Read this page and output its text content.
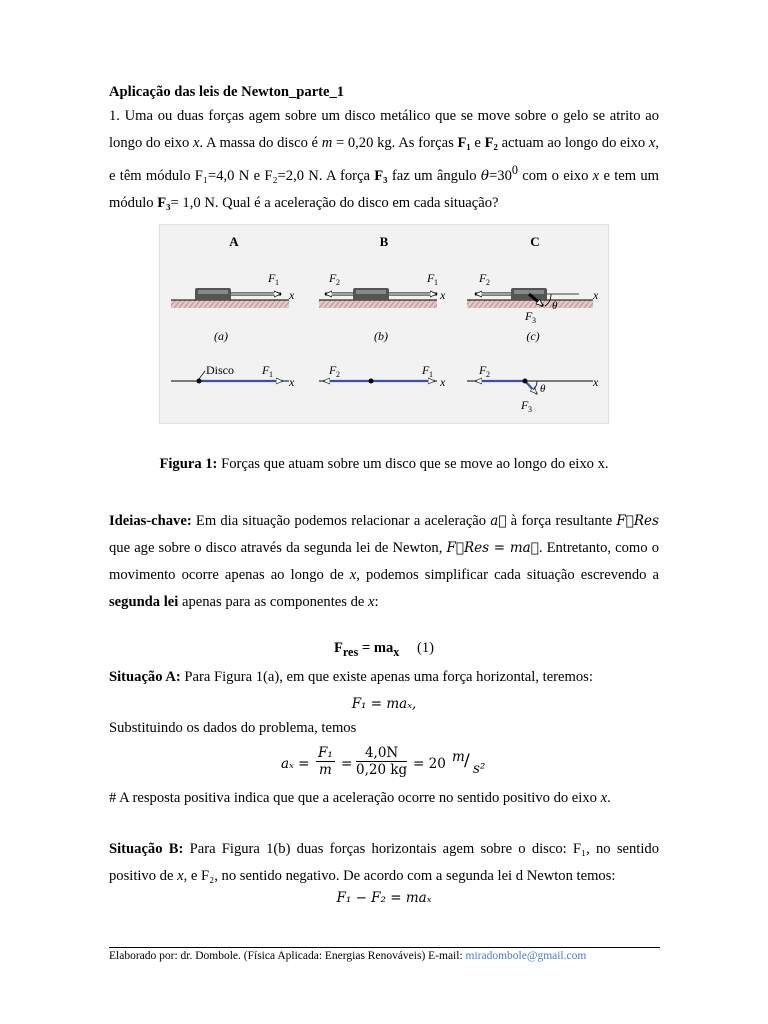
Aplicação das leis de Newton_parte_1
1. Uma ou duas forças agem sobre um disco metálico que se move sobre o gelo se atrito ao longo do eixo x. A massa do disco é m = 0,20 kg. As forças F₁ e F₂ actuam ao longo do eixo x, e têm módulo F₁=4,0 N e F₂=2,0 N. A força F₃ faz um ângulo $\theta=30^0$ com o eixo x e tem um módulo F₃= 1,0 N. Qual é a aceleração do disco em cada situação?
A	B	C
F 1
x
(a)
F 2	F 1
x
(b)
F 2
F 3
θ
x
(c)
Disco F 1
x
F 2	F 1
x
F 2
F 3
θ	x
Figura 1: Forças que atuam sobre um disco que se move ao longo do eixo x.
Ideias-chave: Em dia situação podemos relacionar a aceleração a⃗ à força resultante F⃗Res que age sobre o disco através da segunda lei de Newton, F⃗Res = ma⃗. Entretanto, como o movimento ocorre apenas ao longo de x, podemos simplificar cada situação escrevendo a segunda lei apenas para as componentes de x:
$F_{res} = ma_x$ (1)
Situação A: Para Figura 1(a), em que existe apenas uma força horizontal, teremos:
F₁ = maₓ,
Substituindo os dados do problema, temos
$a_x = \frac{\text{F₁}}{m} = \frac{4,0N}{0,20 kg} = 20$ m / s²
# A resposta positiva indica que que a aceleração ocorre no sentido positivo do eixo x.
Situação B: Para Figura 1(b) duas forças horizontais agem sobre o disco: F₁, no sentido positivo de x, e F₂, no sentido negativo. De acordo com a segunda lei d Newton temos:
F₁ − F₂ = maₓ
Elaborado por: dr. Dombole. (Física Aplicada: Energias Renováveis) E-mail: miradombole@gmail.com
